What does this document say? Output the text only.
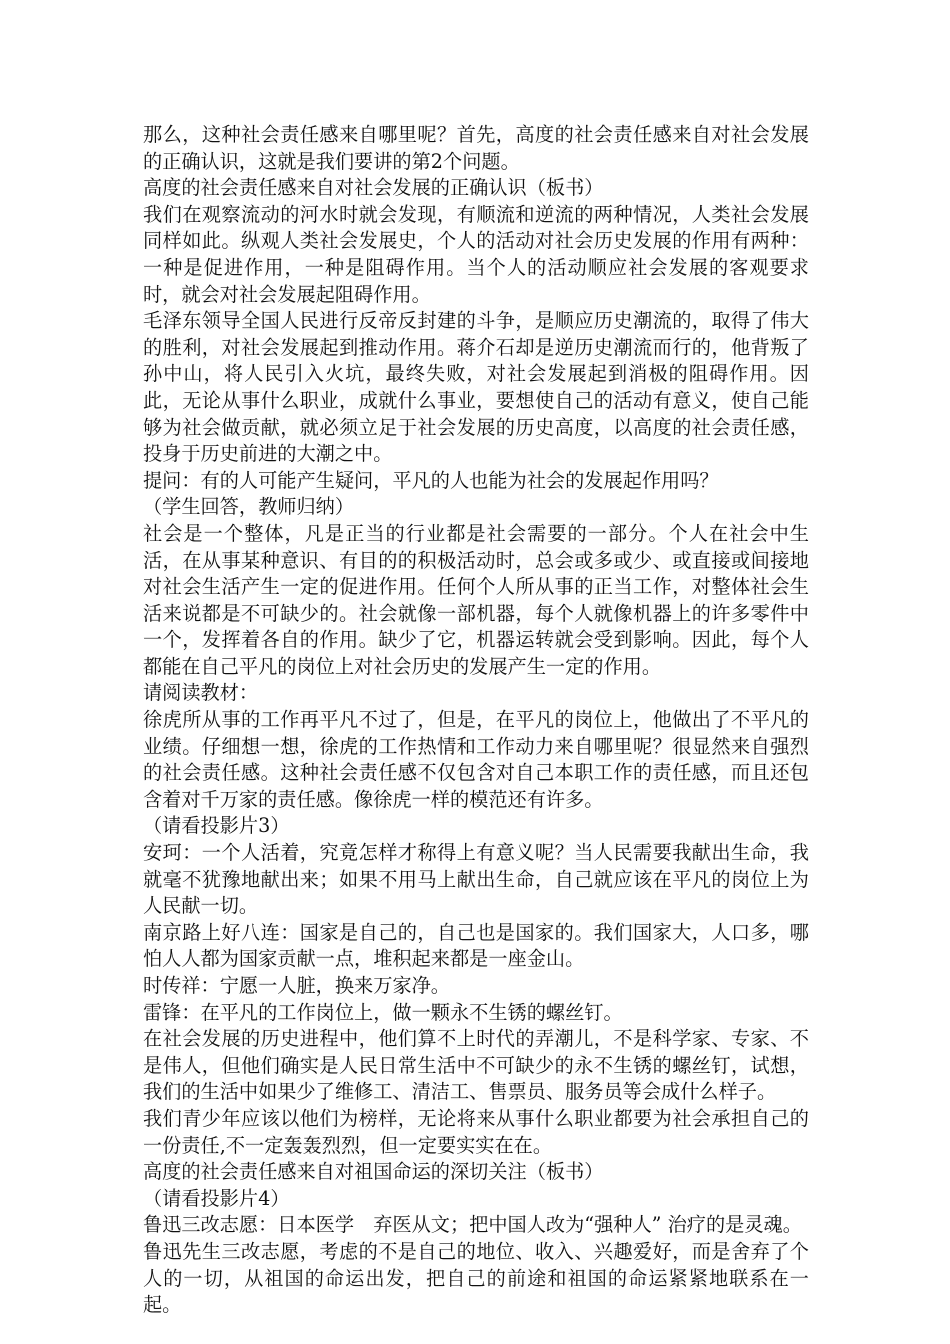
那么，这种社会责任感来自哪里呢？首先，高度的社会责任感来自对社会发展的正确认识，这就是我们要讲的第2个问题。

高度的社会责任感来自对社会发展的正确认识（板书）

我们在观察流动的河水时就会发现，有顺流和逆流的两种情况，人类社会发展同样如此。纵观人类社会发展史，个人的活动对社会历史发展的作用有两种：一种是促进作用，一种是阻碍作用。当个人的活动顺应社会发展的客观要求时，就会对社会发展起阻碍作用。

毛泽东领导全国人民进行反帝反封建的斗争，是顺应历史潮流的，取得了伟大的胜利，对社会发展起到推动作用。蒋介石却是逆历史潮流而行的，他背叛了孙中山，将人民引入火坑，最终失败，对社会发展起到消极的阻碍作用。因此，无论从事什么职业，成就什么事业，要想使自己的活动有意义，使自己能够为社会做贡献，就必须立足于社会发展的历史高度，以高度的社会责任感，投身于历史前进的大潮之中。

提问：有的人可能产生疑问，平凡的人也能为社会的发展起作用吗？

（学生回答，教师归纳）

社会是一个整体，凡是正当的行业都是社会需要的一部分。个人在社会中生活，在从事某种意识、有目的的积极活动时，总会或多或少、或直接或间接地对社会生活产生一定的促进作用。任何个人所从事的正当工作，对整体社会生活来说都是不可缺少的。社会就像一部机器，每个人就像机器上的许多零件中一个，发挥着各自的作用。缺少了它，机器运转就会受到影响。因此，每个人都能在自己平凡的岗位上对社会历史的发展产生一定的作用。

请阅读教材：

徐虎所从事的工作再平凡不过了，但是，在平凡的岗位上，他做出了不平凡的业绩。仔细想一想，徐虎的工作热情和工作动力来自哪里呢？很显然来自强烈的社会责任感。这种社会责任感不仅包含对自己本职工作的责任感，而且还包含着对千万家的责任感。像徐虎一样的模范还有许多。

（请看投影片3）

安珂：一个人活着，究竟怎样才称得上有意义呢？当人民需要我献出生命，我就毫不犹豫地献出来；如果不用马上献出生命，自己就应该在平凡的岗位上为人民献一切。

南京路上好八连：国家是自己的，自己也是国家的。我们国家大，人口多，哪怕人人都为国家贡献一点，堆积起来都是一座金山。

时传祥：宁愿一人脏，换来万家净。

雷锋：在平凡的工作岗位上，做一颗永不生锈的螺丝钉。

在社会发展的历史进程中，他们算不上时代的弄潮儿，不是科学家、专家、不是伟人，但他们确实是人民日常生活中不可缺少的永不生锈的螺丝钉，试想，我们的生活中如果少了维修工、清洁工、售票员、服务员等会成什么样子。

我们青少年应该以他们为榜样，无论将来从事什么职业都要为社会承担自己的一份责任,不一定轰轰烈烈，但一定要实实在在。

高度的社会责任感来自对祖国命运的深切关注（板书）

（请看投影片4）

鲁迅三改志愿：日本医学　弃医从文；把中国人改为“强种人” 治疗的是灵魂。

鲁迅先生三改志愿，考虑的不是自己的地位、收入、兴趣爱好，而是舍弃了个人的一切，从祖国的命运出发，把自己的前途和祖国的命运紧紧地联系在一起。
